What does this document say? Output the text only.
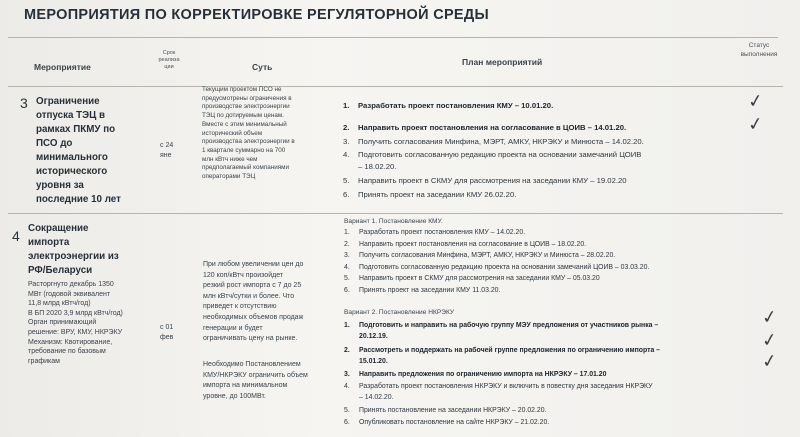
МЕРОПРИЯТИЯ ПО КОРРЕКТИРОВКЕ РЕГУЛЯТОРНОЙ СРЕДЫ
Мероприятие
Срок
реализа
ции	Суть	План мероприятий
Статус
выполнения
3 Ограничение
отпуска ТЭЦ в
рамках ПКМУ по
ПСО до
минимального
исторического
уровня за
последние 10 лет
с 24
яне
Текущим проектом ПСО не
предусмотрены ограничения в
производстве электроэнергии
ТЭЦ по дотируемым ценам.
Вместе с этим минимальный
исторический объем
производства электроэнергии в
1 квартале суммарно на 700
млн кВтч ниже чем
предполагаемый компаниями
операторами ТЭЦ
1. Разработать проект постановления КМУ – 10.01.20.
2. Направить проект постановления на согласование в ЦОИВ – 14.01.20.
3. Получить согласования Минфина, МЭРТ, АМКУ, НКРЭКУ и Минюста – 14.02.20.
4. Подготовить согласованную редакцию проекта на основании замечаний ЦОИВ
– 18.02.20.
5. Направить проект в СКМУ для рассмотрения на заседании КМУ – 19.02.20
6. Принять проект на заседании КМУ 26.02.20.
✓
✓
4 Сокращение
импорта
электроэнергии из
РФ/Беларуси
Расторгнуто декабрь 1350
МВт (годовой эквивалент
11,8 млрд кВтч/год)
В БП 2020 3,9 млрд кВтч/год)
Орган принимающий
решение: ВРУ, КМУ, НКРЭКУ
Механизм: Квотирование,
требование по базовым
графикам
с 01
фев
При любом увеличении цен до
120 коп/кВтч произойдет
резкий рост импорта с 7 до 25
млн кВтч/сутки и более. Что
приведет к отсутствию
необходимых объемов продаж
генерации и будет
ограничивать цену на рынке.
Необходимо Постановлением
КМУ/НКРЭКУ ограничить объем
импорта на минимальном
уровне, до 100МВт.
Вариант 1. Постановление КМУ.
1. Разработать проект постановления КМУ – 14.02.20.
2. Направить проект постановления на согласование в ЦОИВ – 18.02.20.
3. Получить согласования Минфина, МЭРТ, АМКУ, НКРЭКУ и Минюста – 28.02.20.
4. Подготовить согласованную редакцию проекта на основании замечаний ЦОИВ – 03.03.20.
5. Направить проект в СКМУ для рассмотрения на заседании КМУ – 05.03.20
6. Принять проект на заседании КМУ 11.03.20.
Вариант 2. Постановление НКРЭКУ
1. Подготовить и направить на рабочую группу МЭУ предложения от участников рынка –
20.12.19.
2. Рассмотреть и поддержать на рабочей группе предложения по ограничению импорта –
15.01.20.
3. Направить предложения по ограничению импорта на НКРЭКУ – 17.01.20
4. Разработать проект постановления НКРЭКУ и включить в повестку дня заседания НКРЭКУ
– 14.02.20.
5. Принять постановление на заседании НКРЭКУ – 20.02.20.
6. Опубликовать постановление на сайте НКРЭКУ – 21.02.20.
✓
✓
✓
